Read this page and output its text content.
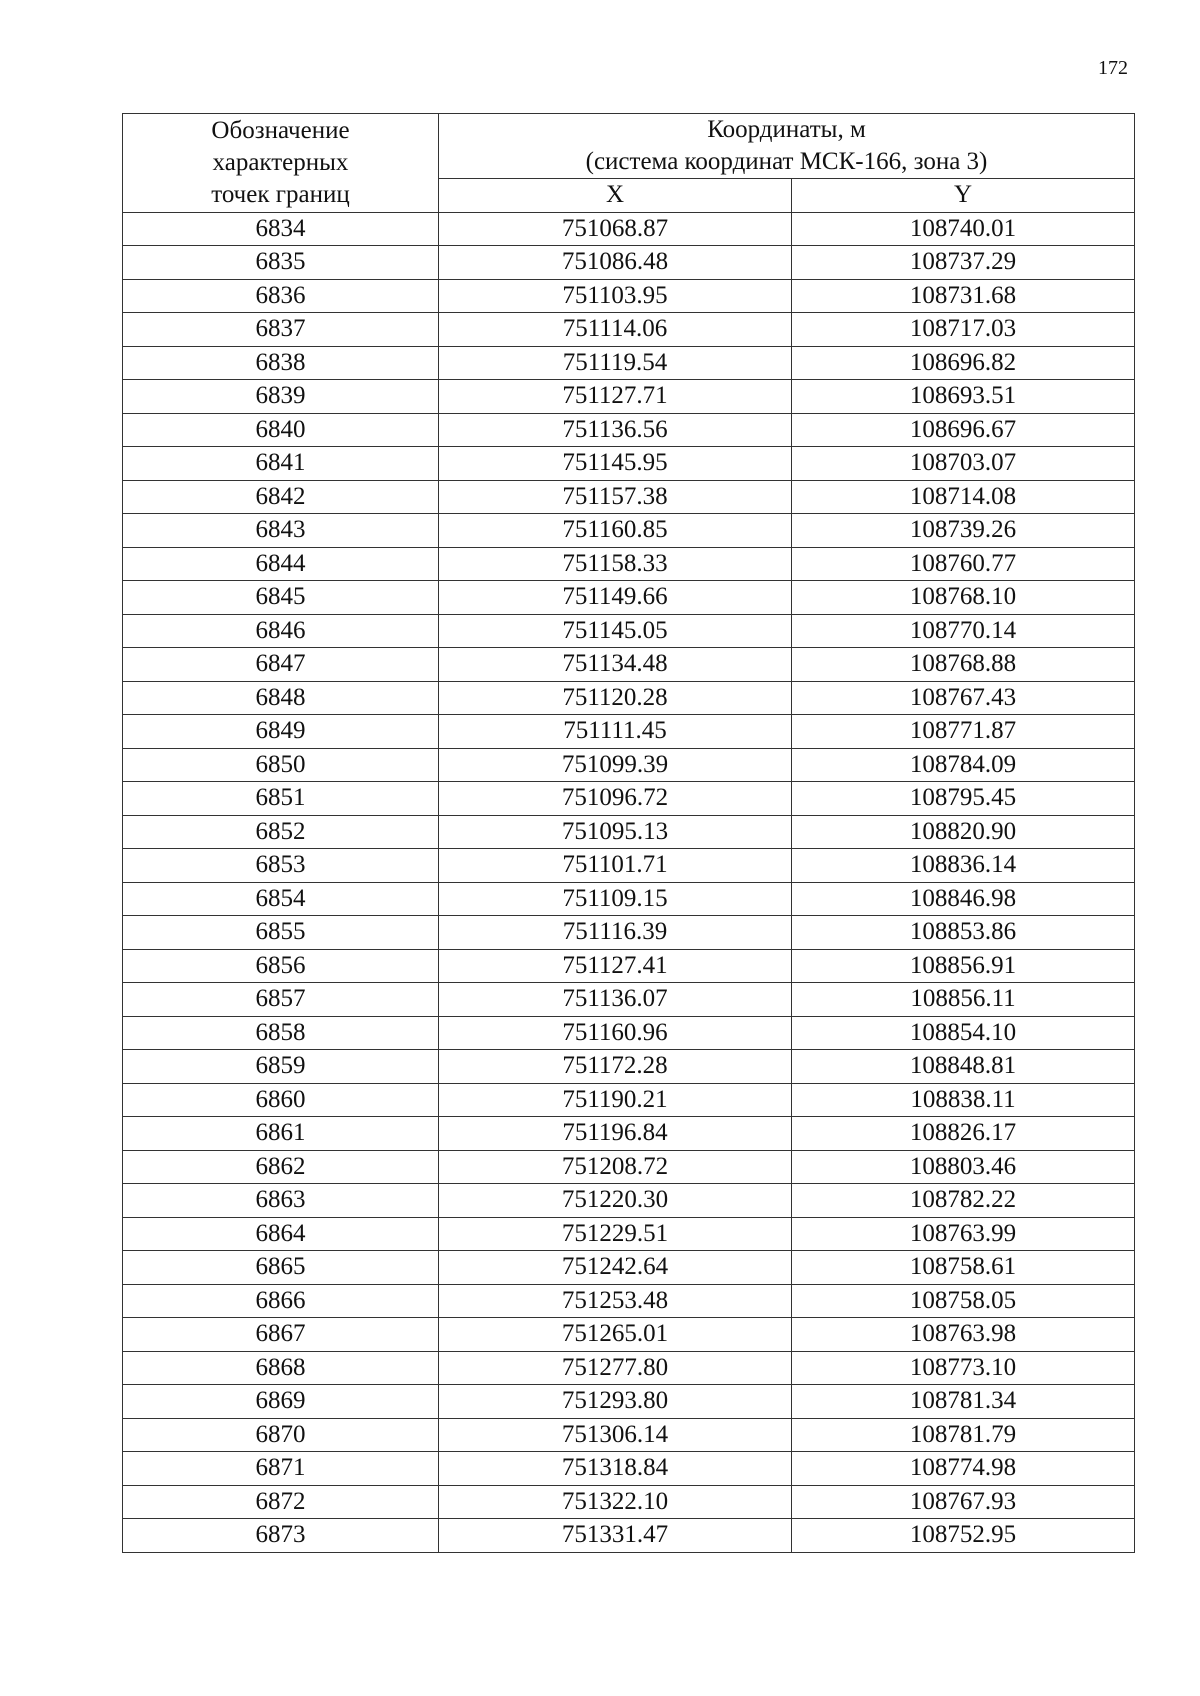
172
Обозначение
характерных
точек границ	Координаты, м
(система координат МСК-166, зона 3)	

	X	Y
6834	751068.87	108740.01
6835	751086.48	108737.29
6836	751103.95	108731.68
6837	751114.06	108717.03
6838	751119.54	108696.82
6839	751127.71	108693.51
6840	751136.56	108696.67
6841	751145.95	108703.07
6842	751157.38	108714.08
6843	751160.85	108739.26
6844	751158.33	108760.77
6845	751149.66	108768.10
6846	751145.05	108770.14
6847	751134.48	108768.88
6848	751120.28	108767.43
6849	751111.45	108771.87
6850	751099.39	108784.09
6851	751096.72	108795.45
6852	751095.13	108820.90
6853	751101.71	108836.14
6854	751109.15	108846.98
6855	751116.39	108853.86
6856	751127.41	108856.91
6857	751136.07	108856.11
6858	751160.96	108854.10
6859	751172.28	108848.81
6860	751190.21	108838.11
6861	751196.84	108826.17
6862	751208.72	108803.46
6863	751220.30	108782.22
6864	751229.51	108763.99
6865	751242.64	108758.61
6866	751253.48	108758.05
6867	751265.01	108763.98
6868	751277.80	108773.10
6869	751293.80	108781.34
6870	751306.14	108781.79
6871	751318.84	108774.98
6872	751322.10	108767.93
6873	751331.47	108752.95
